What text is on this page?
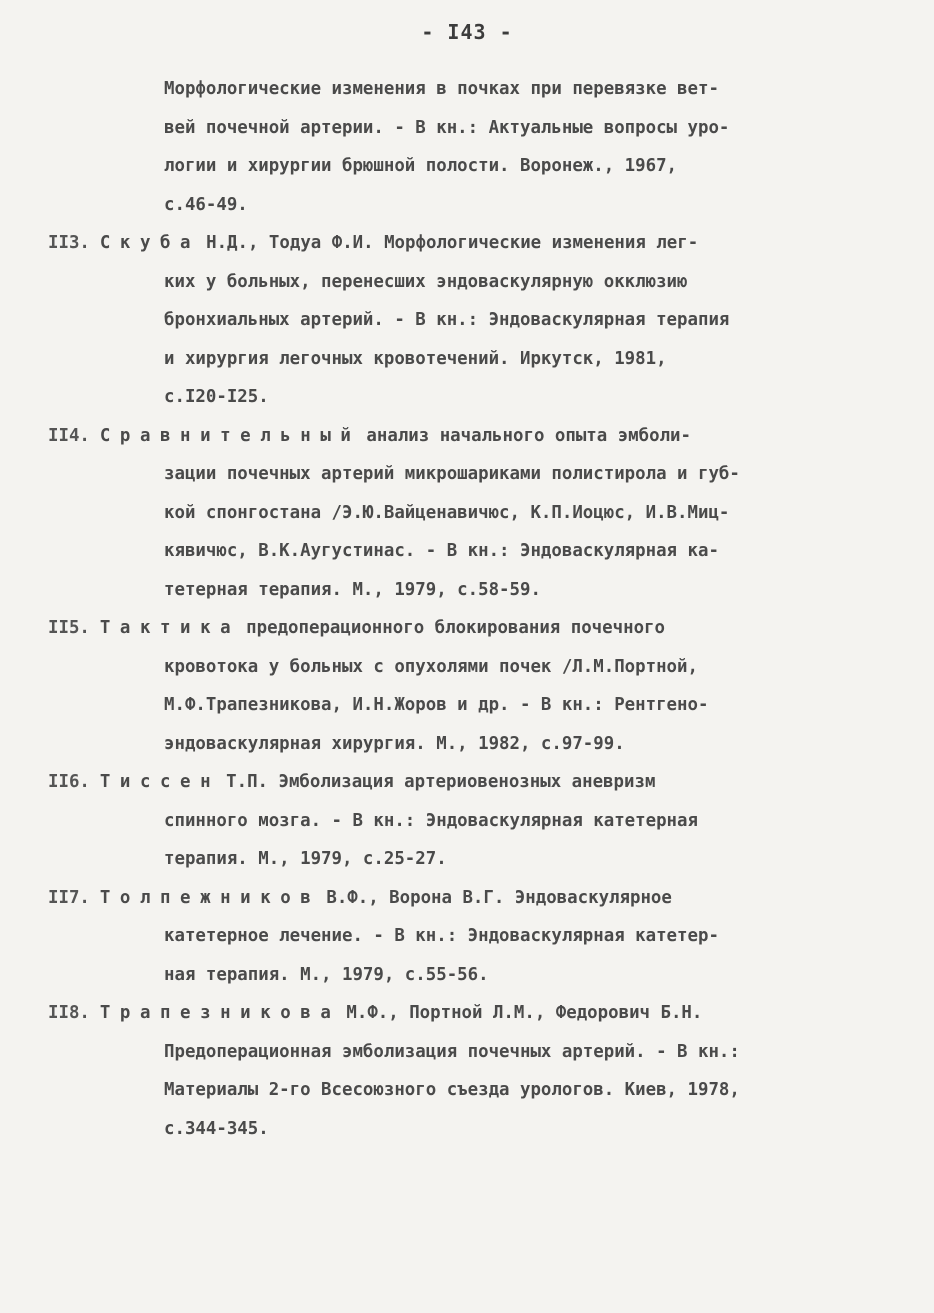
- I43 -
Морфологические изменения в почках при перевязке вет-
вей почечной артерии. - В кн.: Актуальные вопросы уро-
логии и хирургии брюшной полости. Воронеж., 1967,
с.46-49.
II3. Скуба Н.Д., Тодуа Ф.И. Морфологические изменения лег-
ких у больных, перенесших эндоваскулярную окклюзию
бронхиальных артерий. - В кн.: Эндоваскулярная терапия
и хирургия легочных кровотечений. Иркутск, 1981,
с.I20-I25.
II4. Сравнительный анализ начального опыта эмболи-
зации почечных артерий микрошариками полистирола и губ-
кой спонгостана /Э.Ю.Вайценавичюс, К.П.Иоцюс, И.В.Миц-
кявичюс, В.К.Аугустинас. - В кн.: Эндоваскулярная ка-
тетерная терапия. М., 1979, с.58-59.
II5. Тактика предоперационного блокирования почечного
кровотока у больных с опухолями почек /Л.М.Портной,
М.Ф.Трапезникова, И.Н.Жоров и др. - В кн.: Рентгено-
эндоваскулярная хирургия. М., 1982, с.97-99.
II6. Тиссен Т.П. Эмболизация артериовенозных аневризм
спинного мозга. - В кн.: Эндоваскулярная катетерная
терапия. М., 1979, с.25-27.
II7. Толпежников В.Ф., Ворона В.Г. Эндоваскулярное
катетерное лечение. - В кн.: Эндоваскулярная катетер-
ная терапия. М., 1979, с.55-56.
II8. Трапезникова М.Ф., Портной Л.М., Федорович Б.Н.
Предоперационная эмболизация почечных артерий. - В кн.:
Материалы 2-го Всесоюзного съезда урологов. Киев, 1978,
с.344-345.
